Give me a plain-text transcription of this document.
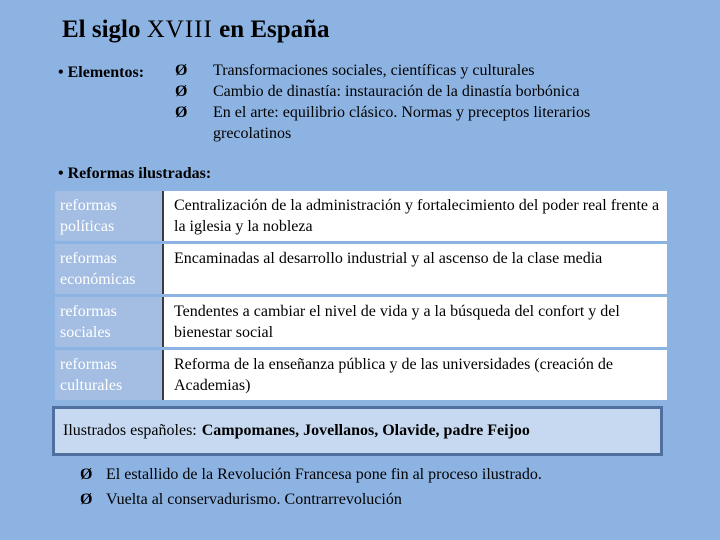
El siglo XVIII en España
• Elementos: Ø	Transformaciones sociales, científicas y culturales
Ø	Cambio de dinastía: instauración de la dinastía borbónica
Ø	En el arte: equilibrio clásico. Normas y preceptos literarios grecolatinos
• Reformas ilustradas:
reformas políticas	Centralización de la administración y fortalecimiento del poder real frente a la iglesia y la nobleza

reformas económicas	Encaminadas al desarrollo industrial y al ascenso de la clase media

reformas sociales	Tendentes a cambiar el nivel de vida y a la búsqueda del confort y del bienestar social

reformas culturales	Reforma de la enseñanza pública y de las universidades (creación de Academias)
Ilustrados españoles: Campomanes, Jovellanos, Olavide, padre Feijoo
Ø El estallido de la Revolución Francesa pone fin al proceso ilustrado.
Ø Vuelta al conservadurismo. Contrarrevolución
